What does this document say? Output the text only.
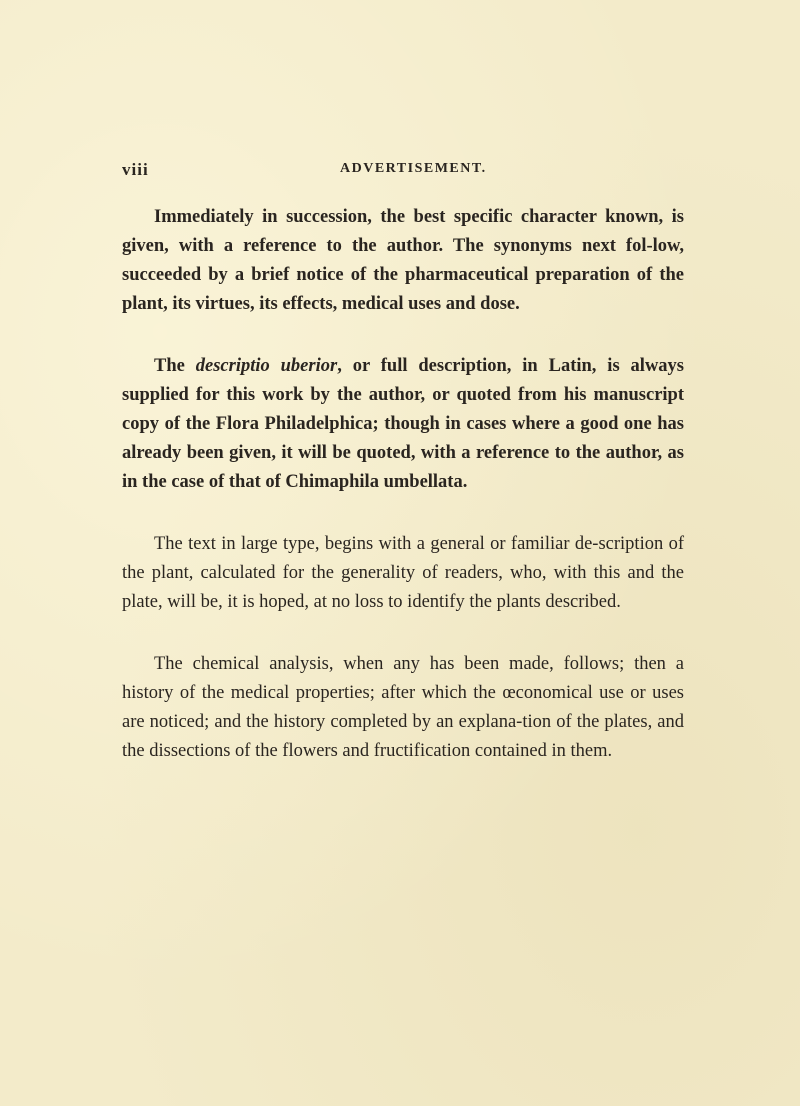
viii	ADVERTISEMENT.

Immediately in succession, the best specific character known, is given, with a reference to the author. The synonyms next fol-low, succeeded by a brief notice of the pharmaceutical preparation of the plant, its virtues, its effects, medical uses and dose.

The descriptio uberior, or full description, in Latin, is always supplied for this work by the author, or quoted from his manuscript copy of the Flora Philadelphica; though in cases where a good one has already been given, it will be quoted, with a reference to the author, as in the case of that of Chimaphila umbellata.

The text in large type, begins with a general or familiar de-scription of the plant, calculated for the generality of readers, who, with this and the plate, will be, it is hoped, at no loss to identify the plants described.

The chemical analysis, when any has been made, follows; then a history of the medical properties; after which the œconomical use or uses are noticed; and the history completed by an explana-tion of the plates, and the dissections of the flowers and fructification contained in them.
